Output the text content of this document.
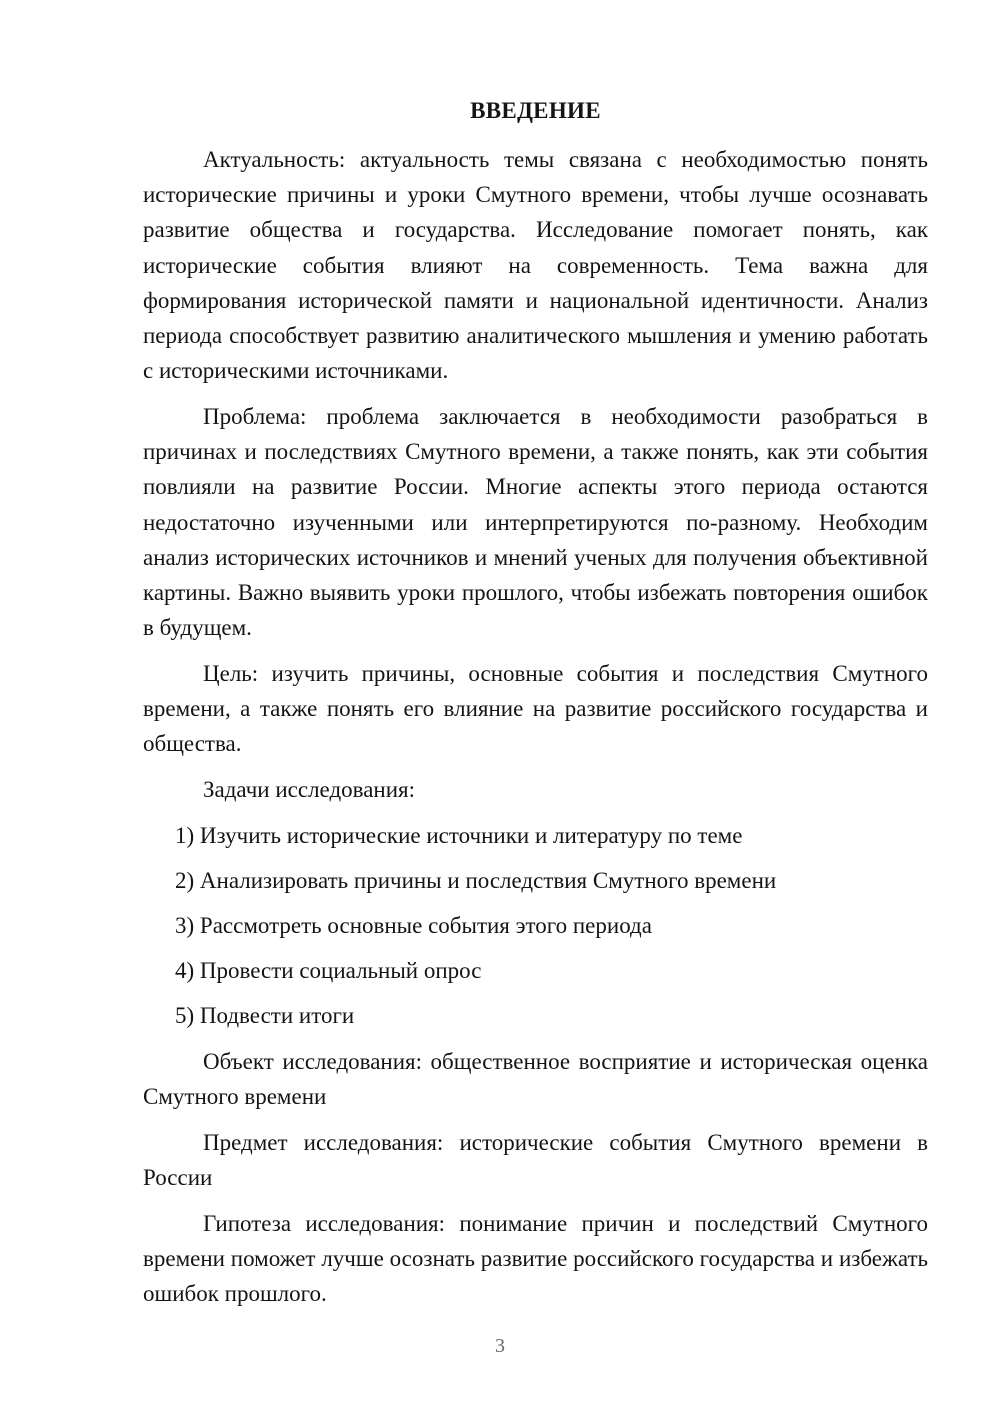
ВВЕДЕНИЕ

Актуальность: актуальность темы связана с необходимостью понять исторические причины и уроки Смутного времени, чтобы лучше осознавать развитие общества и государства. Исследование помогает понять, как исторические события влияют на современность. Тема важна для формирования исторической памяти и национальной идентичности. Анализ периода способствует развитию аналитического мышления и умению работать с историческими источниками.

Проблема: проблема заключается в необходимости разобраться в причинах и последствиях Смутного времени, а также понять, как эти события повлияли на развитие России. Многие аспекты этого периода остаются недостаточно изученными или интерпретируются по-разному. Необходим анализ исторических источников и мнений ученых для получения объективной картины. Важно выявить уроки прошлого, чтобы избежать повторения ошибок в будущем.

Цель: изучить причины, основные события и последствия Смутного времени, а также понять его влияние на развитие российского государства и общества.

Задачи исследования:

1) Изучить исторические источники и литературу по теме

2) Анализировать причины и последствия Смутного времени

3) Рассмотреть основные события этого периода

4) Провести социальный опрос

5) Подвести итоги

Объект исследования: общественное восприятие и историческая оценка Смутного времени

Предмет исследования: исторические события Смутного времени в России

Гипотеза исследования: понимание причин и последствий Смутного времени поможет лучше осознать развитие российского государства и избежать ошибок прошлого.

3
